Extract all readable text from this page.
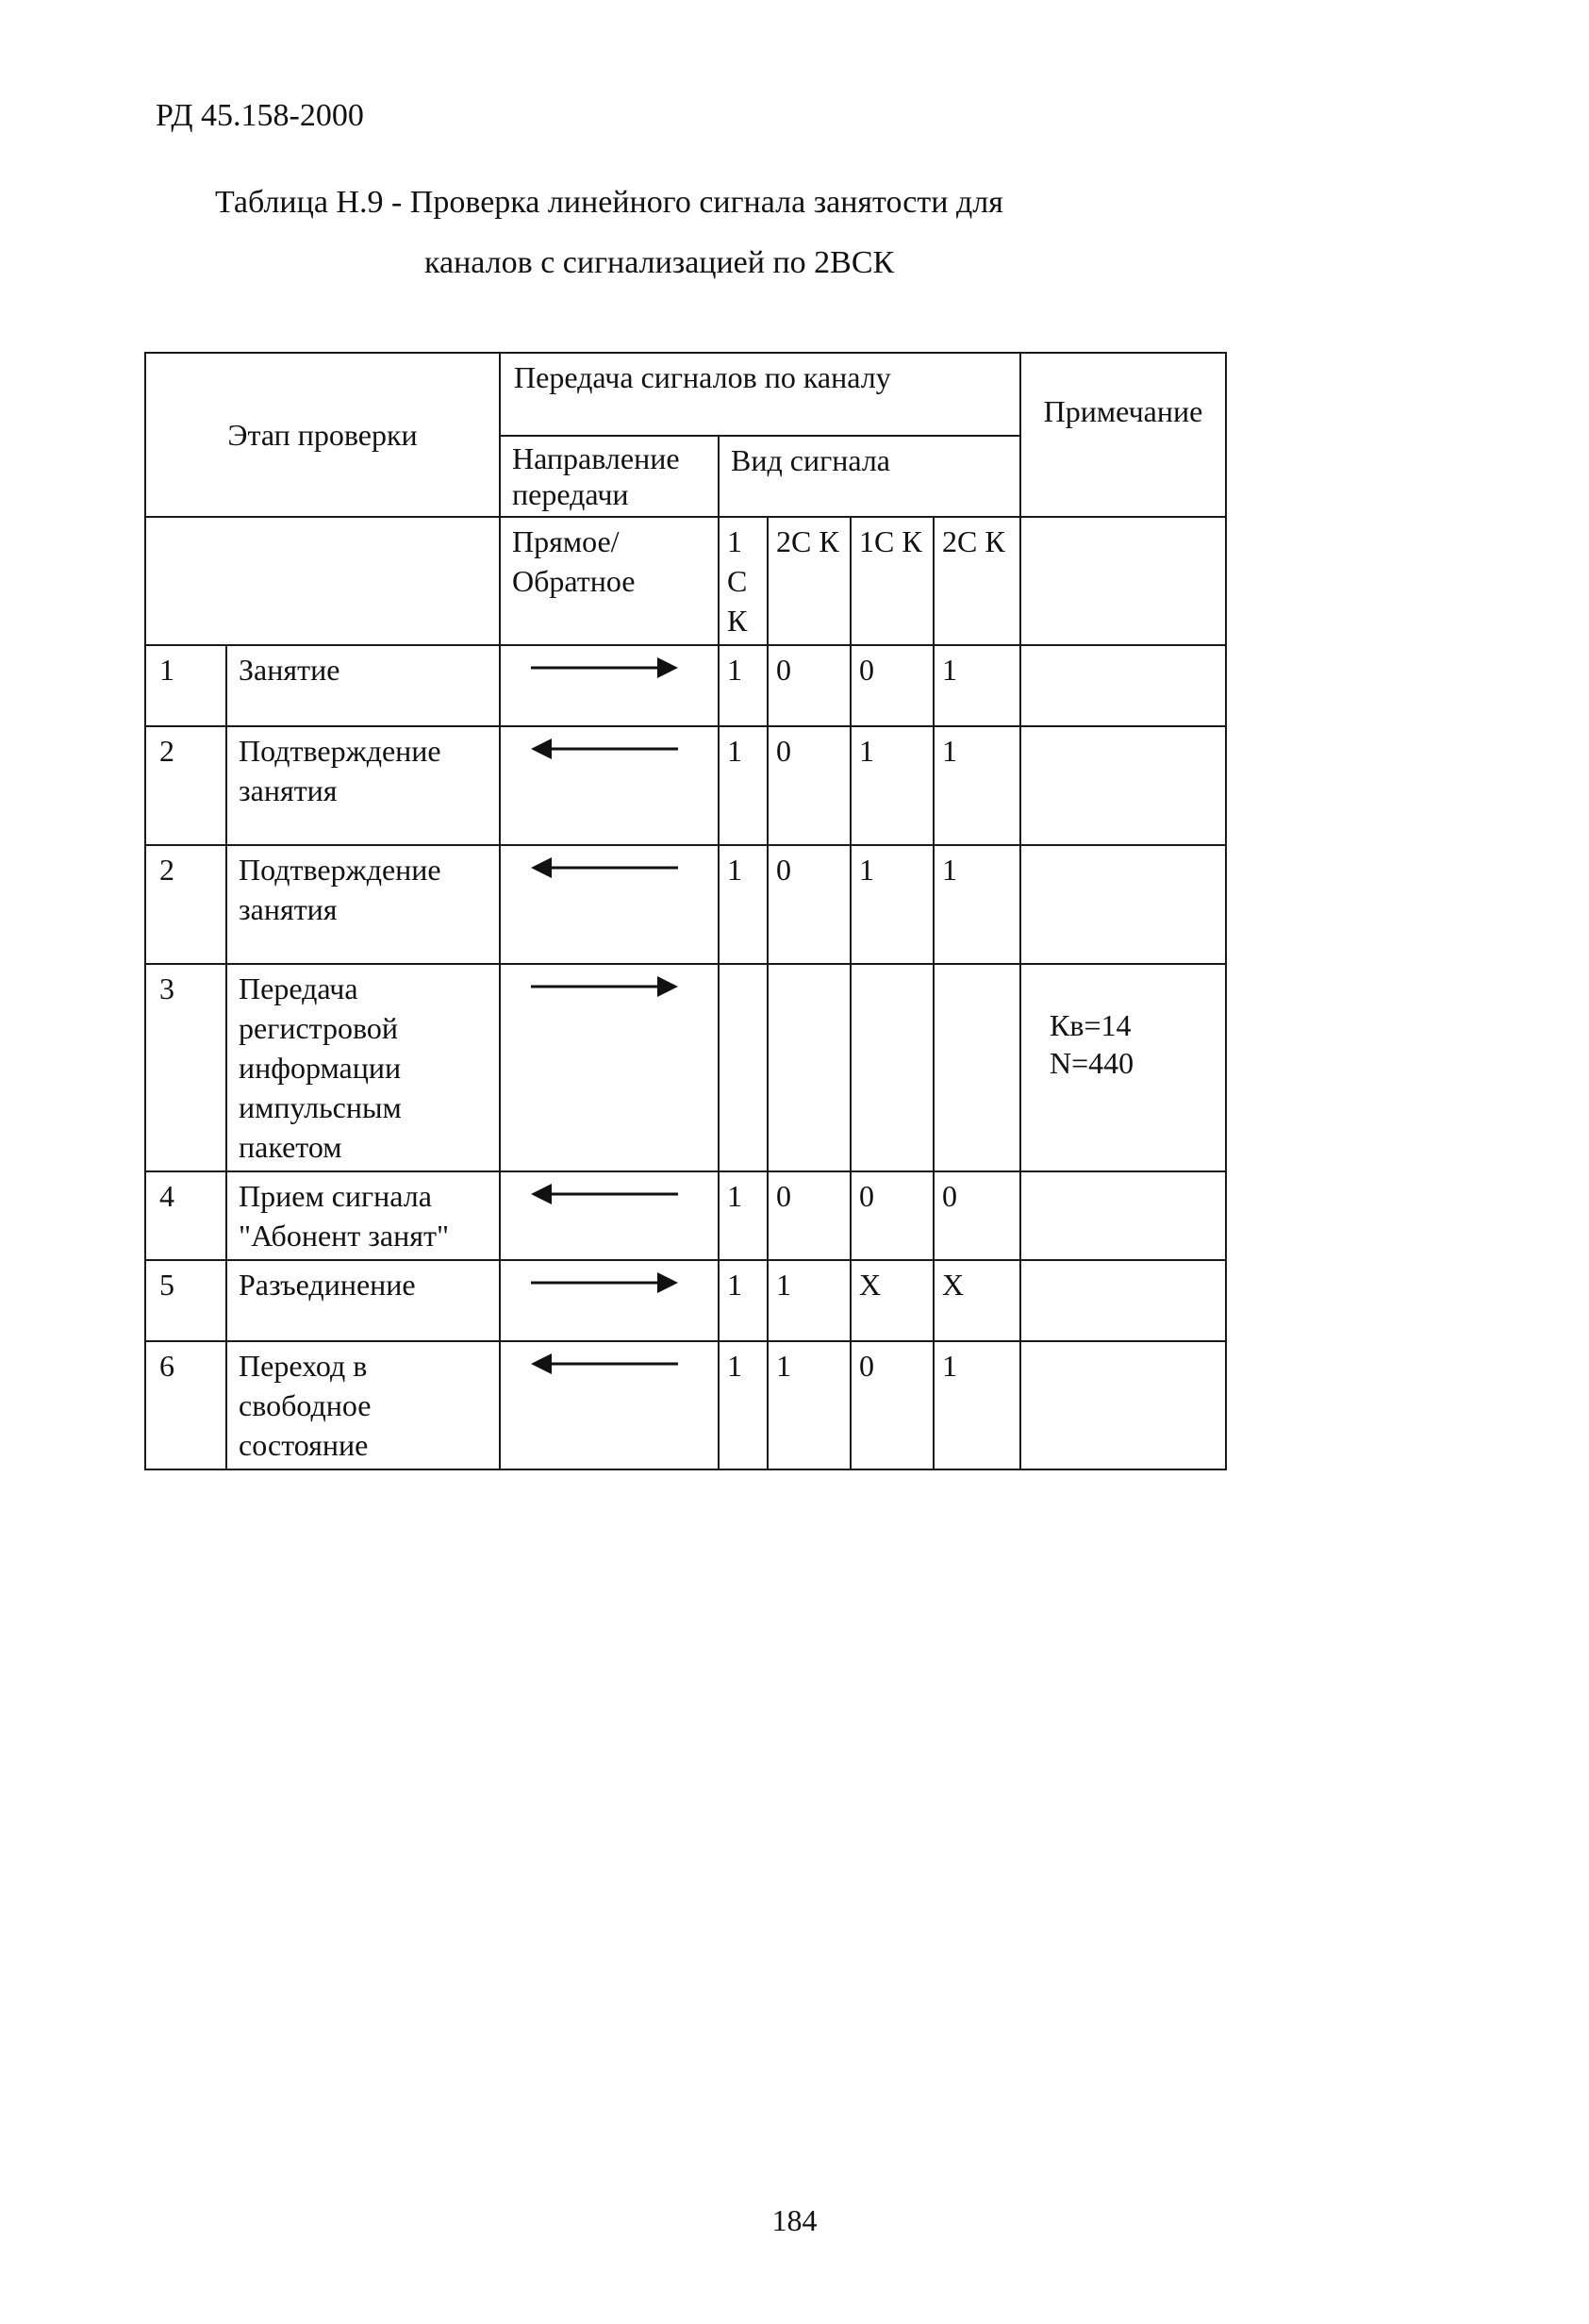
РД 45.158-2000
Таблица Н.9 - Проверка линейного сигнала занятости для
каналов с сигнализацией по 2ВСК
Этап проверки		Передача сигналов по каналу					Примечание
		Направление передачи	Вид сигнала				
		Прямое/ Обратное	1 С К	2С К	1С К	2С К	
1	Занятие		1	0	0	1	
2	Подтверждение занятия		1	0	1	1	
2	Подтверждение занятия		1	0	1	1	
3	Передача регистровой информации импульсным пакетом						Кв=14 N=440
4	Прием сигнала "Абонент занят"		1	0	0	0	
5	Разъединение		1	1	Х	Х	
6	Переход в свободное состояние		1	1	0	1	
184
